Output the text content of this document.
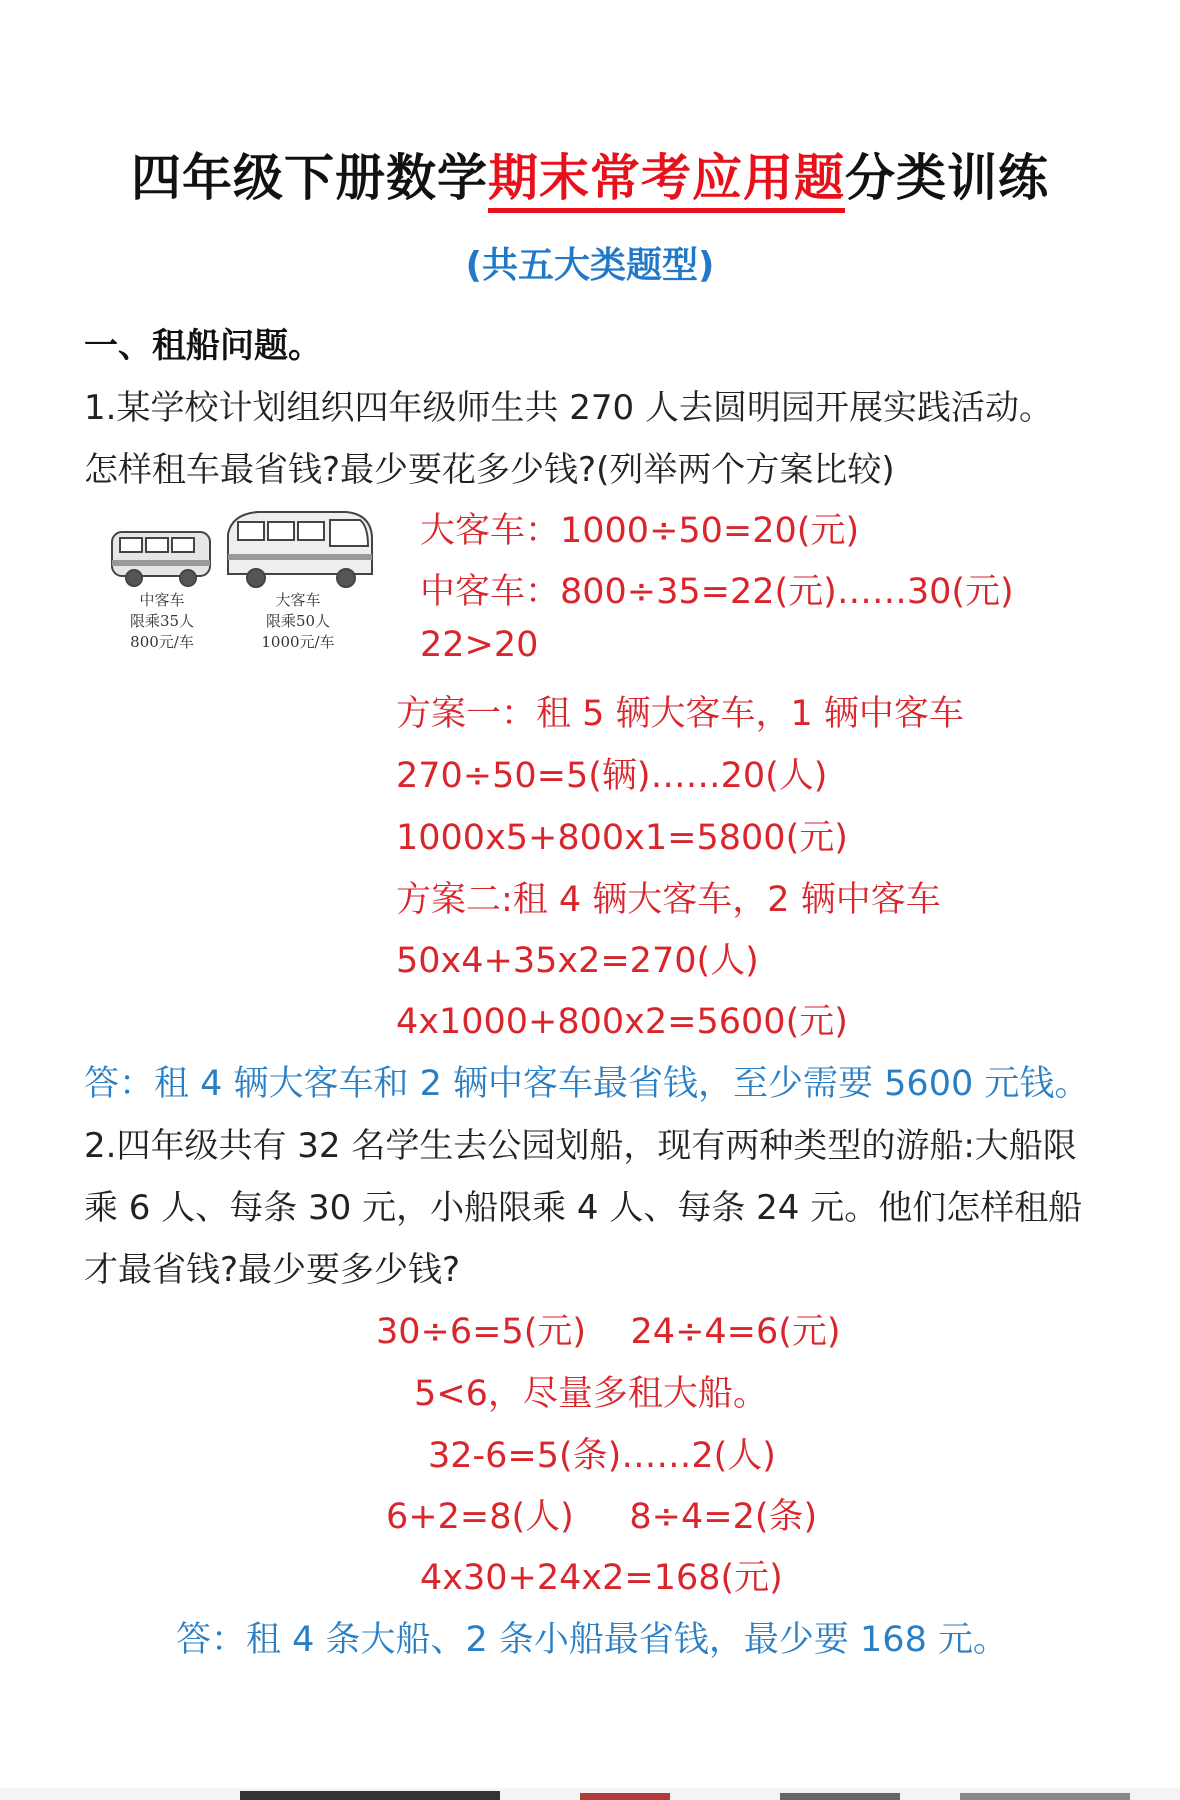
四年级下册数学期末常考应用题分类训练
(共五大类题型)
一、租船问题。
1.某学校计划组织四年级师生共 270 人去圆明园开展实践活动。
怎样租车最省钱?最少要花多少钱?(列举两个方案比较)
中客车
限乘35人
800元/车
大客车
限乘50人
1000元/车
大客车：1000÷50=20(元)
中客车：800÷35=22(元)……30(元)
22>20
方案一：租 5 辆大客车，1 辆中客车
270÷50=5(辆)……20(人)
1000x5+800x1=5800(元)
方案二:租 4 辆大客车，2 辆中客车
50x4+35x2=270(人)
4x1000+800x2=5600(元)
答：租 4 辆大客车和 2 辆中客车最省钱，至少需要 5600 元钱。
2.四年级共有 32 名学生去公园划船，现有两种类型的游船:大船限
乘 6 人、每条 30 元，小船限乘 4 人、每条 24 元。他们怎样租船
才最省钱?最少要多少钱?
30÷6=5(元)    24÷4=6(元)
5<6，尽量多租大船。
32-6=5(条)……2(人)
6+2=8(人)     8÷4=2(条)
4x30+24x2=168(元)
答：租 4 条大船、2 条小船最省钱，最少要 168 元。
